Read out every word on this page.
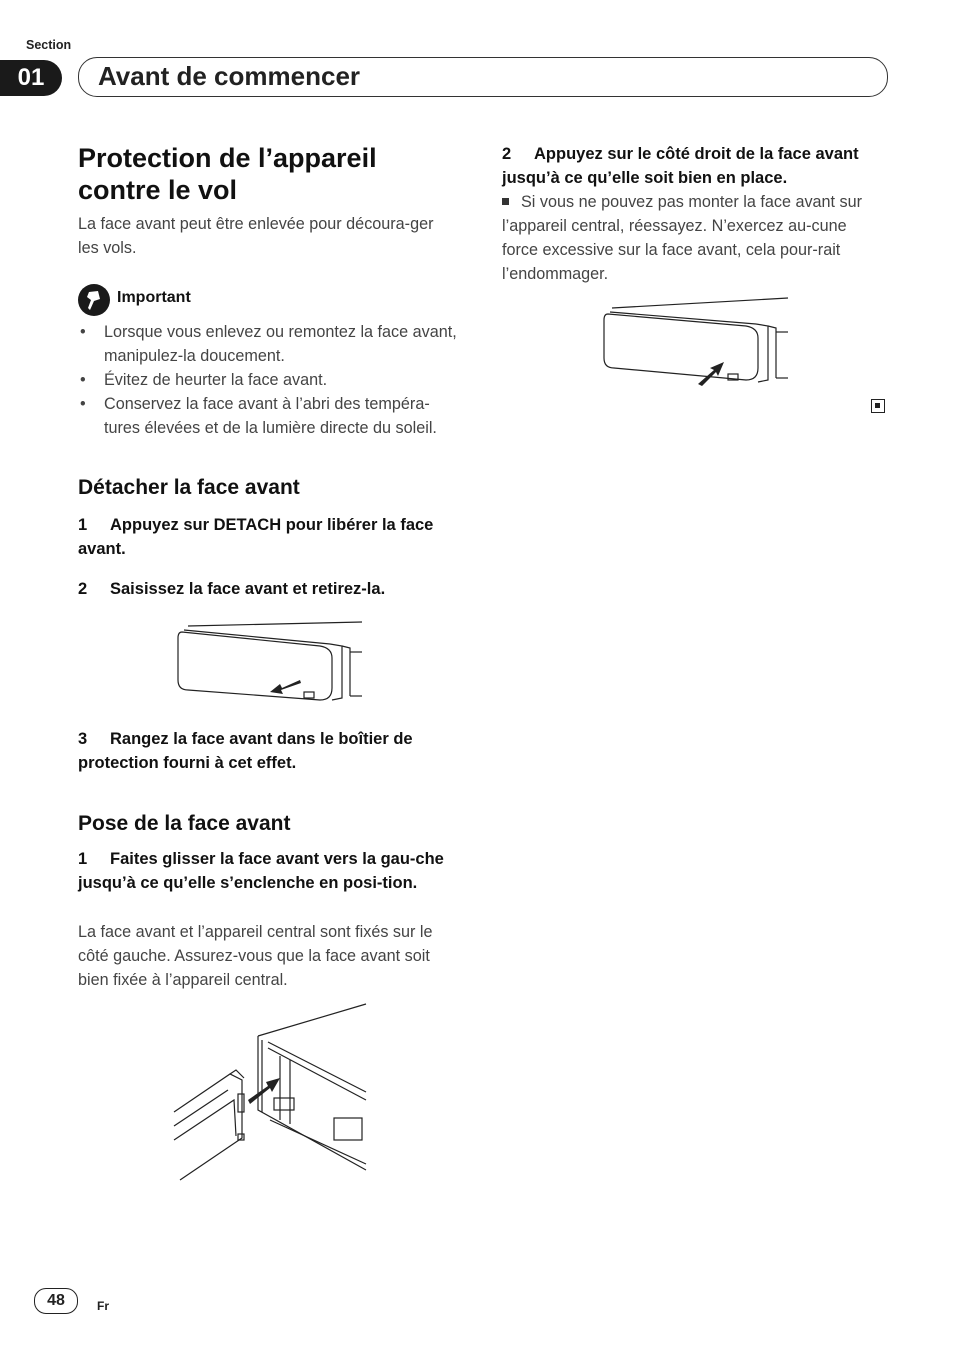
Section
01	Avant de commencer
Protection de l’appareil contre le vol
La face avant peut être enlevée pour découra-ger les vols.
Important
• Lorsque vous enlevez ou remontez la face avant, manipulez-la doucement.
• Évitez de heurter la face avant.
• Conservez la face avant à l’abri des tempéra-tures élevées et de la lumière directe du soleil.
Détacher la face avant
1 Appuyez sur DETACH pour libérer la face avant.
2 Saisissez la face avant et retirez-la.
3 Rangez la face avant dans le boîtier de protection fourni à cet effet.
Pose de la face avant
1 Faites glisser la face avant vers la gau-che jusqu’à ce qu’elle s’enclenche en posi-tion.
La face avant et l’appareil central sont fixés sur le côté gauche. Assurez-vous que la face avant soit bien fixée à l’appareil central.
2 Appuyez sur le côté droit de la face avant jusqu’à ce qu’elle soit bien en place.
Si vous ne pouvez pas monter la face avant sur l’appareil central, réessayez. N’exercez au-cune force excessive sur la face avant, cela pour-rait l’endommager.
48	Fr
